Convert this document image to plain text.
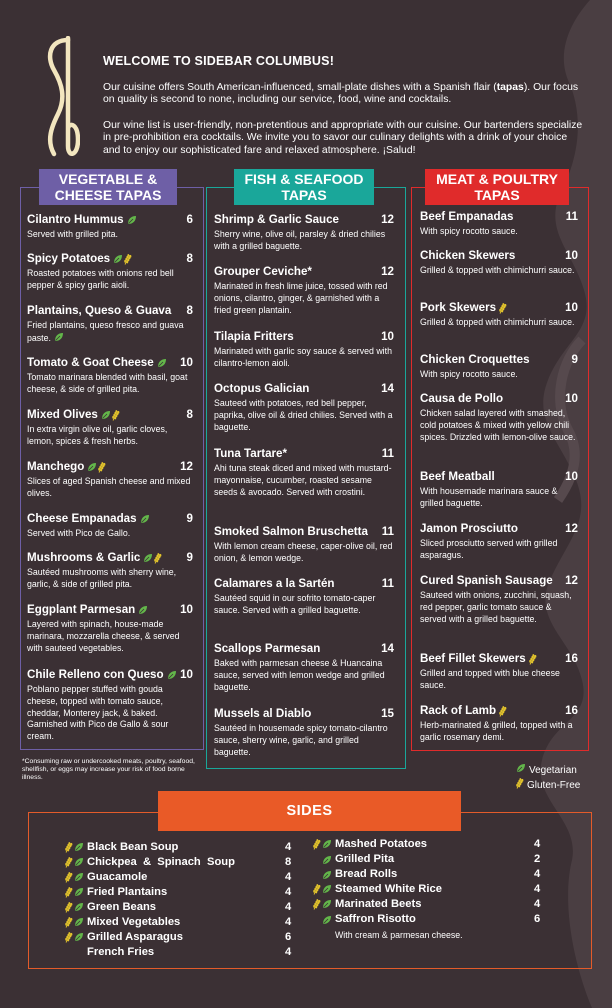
WELCOME TO SIDEBAR COLUMBUS!

Our cuisine offers South American-influenced, small-plate dishes with a Spanish flair (tapas). Our focus on quality is second to none, including our service, food, wine and cocktails.

Our wine list is user-friendly, non-pretentious and appropriate with our cuisine. Our bartenders specialize in pre-prohibition era cocktails. We invite you to savor our culinary delights with a drink of your choice and to enjoy our sophisticated fare and relaxed atmosphere. ¡Salud!

VEGETABLE &
CHEESE TAPAS
Cilantro Hummus	6
Served with grilled pita.
Spicy Potatoes	8
Roasted potatoes with onions red bell pepper & spicy garlic aioli.
Plantains, Queso & Guava 8
Fried plantains, queso fresco and guava paste.
Tomato & Goat Cheese 10
Tomato marinara blended with basil, goat cheese, & side of grilled pita.
Mixed Olives	8
In extra virgin olive oil, garlic cloves, lemon, spices & fresh herbs.
Manchego	12
Slices of aged Spanish cheese and mixed olives.
Cheese Empanadas	9
Served with Pico de Gallo.
Mushrooms & Garlic	9
Sautéed mushrooms with sherry wine, garlic, & side of grilled pita.
Eggplant Parmesan	10
Layered with spinach, house-made marinara, mozzarella cheese, & served with sauteed vegetables.
Chile Relleno con Queso 10
Poblano pepper stuffed with gouda cheese, topped with tomato sauce, cheddar, Monterey jack, & baked. Garnished with Pico de Gallo & sour cream.
FISH & SEAFOOD
TAPAS
Shrimp & Garlic Sauce	12
Sherry wine, olive oil, parsley & dried chilies with a grilled baguette.
Grouper Ceviche*	12
Marinated in fresh lime juice, tossed with red onions, cilantro, ginger, & garnished with a fried green plantain.
Tilapia Fritters	10
Marinated with garlic soy sauce & served with cilantro-lemon aioli.
Octopus Galician	14
Sauteed with potatoes, red bell pepper, paprika, olive oil & dried chilies. Served with a baguette.
Tuna Tartare*	11
Ahi tuna steak diced and mixed with mustard-mayonnaise, cucumber, roasted sesame seeds & avocado. Served with crostini.
Smoked Salmon Bruschetta 11
With lemon cream cheese, caper-olive oil, red onion, & lemon wedge.
Calamares a la Sartén	11
Sautéed squid in our sofrito tomato-caper sauce. Served with a grilled baguette.
Scallops Parmesan	14
Baked with parmesan cheese & Huancaina sauce, served with lemon wedge and grilled baguette.
Mussels al Diablo	15
Sautéed in housemade spicy tomato-cilantro sauce, sherry wine, garlic, and grilled baguette.
MEAT & POULTRY
TAPAS
Beef Empanadas	11
With spicy rocotto sauce.
Chicken Skewers	10
Grilled & topped with chimichurri sauce.
Pork Skewers	10
Grilled & topped with chimichurri sauce.
Chicken Croquettes	9
With spicy rocotto sauce.
Causa de Pollo	10
Chicken salad layered with smashed, cold potatoes & mixed with yellow chili spices. Drizzled with lemon-olive sauce.
Beef Meatball	10
With housemade marinara sauce & grilled baguette.
Jamon Prosciutto	12
Sliced prosciutto served with grilled asparagus.
Cured Spanish Sausage 12
Sauteed with onions, zucchini, squash, red pepper, garlic tomato sauce & served with a grilled baguette.
Beef Fillet Skewers	16
Grilled and topped with blue cheese sauce.
Rack of Lamb	16
Herb-marinated & grilled, topped with a garlic rosemary demi.
*Consuming raw or undercooked meats, poultry, seafood, shellfish, or eggs may increase your risk of food borne illness.
Vegetarian
Gluten-Free
SIDES
Black Bean Soup	4
Chickpea  &  Spinach  Soup	8
Guacamole	4
Fried Plantains	4
Green Beans	4
Mixed Vegetables	4
Grilled Asparagus	6
French Fries	4
Mashed Potatoes	4
Grilled Pita	2
Bread Rolls	4
Steamed White Rice	4
Marinated Beets	4
Saffron Risotto	6
With cream & parmesan cheese.
